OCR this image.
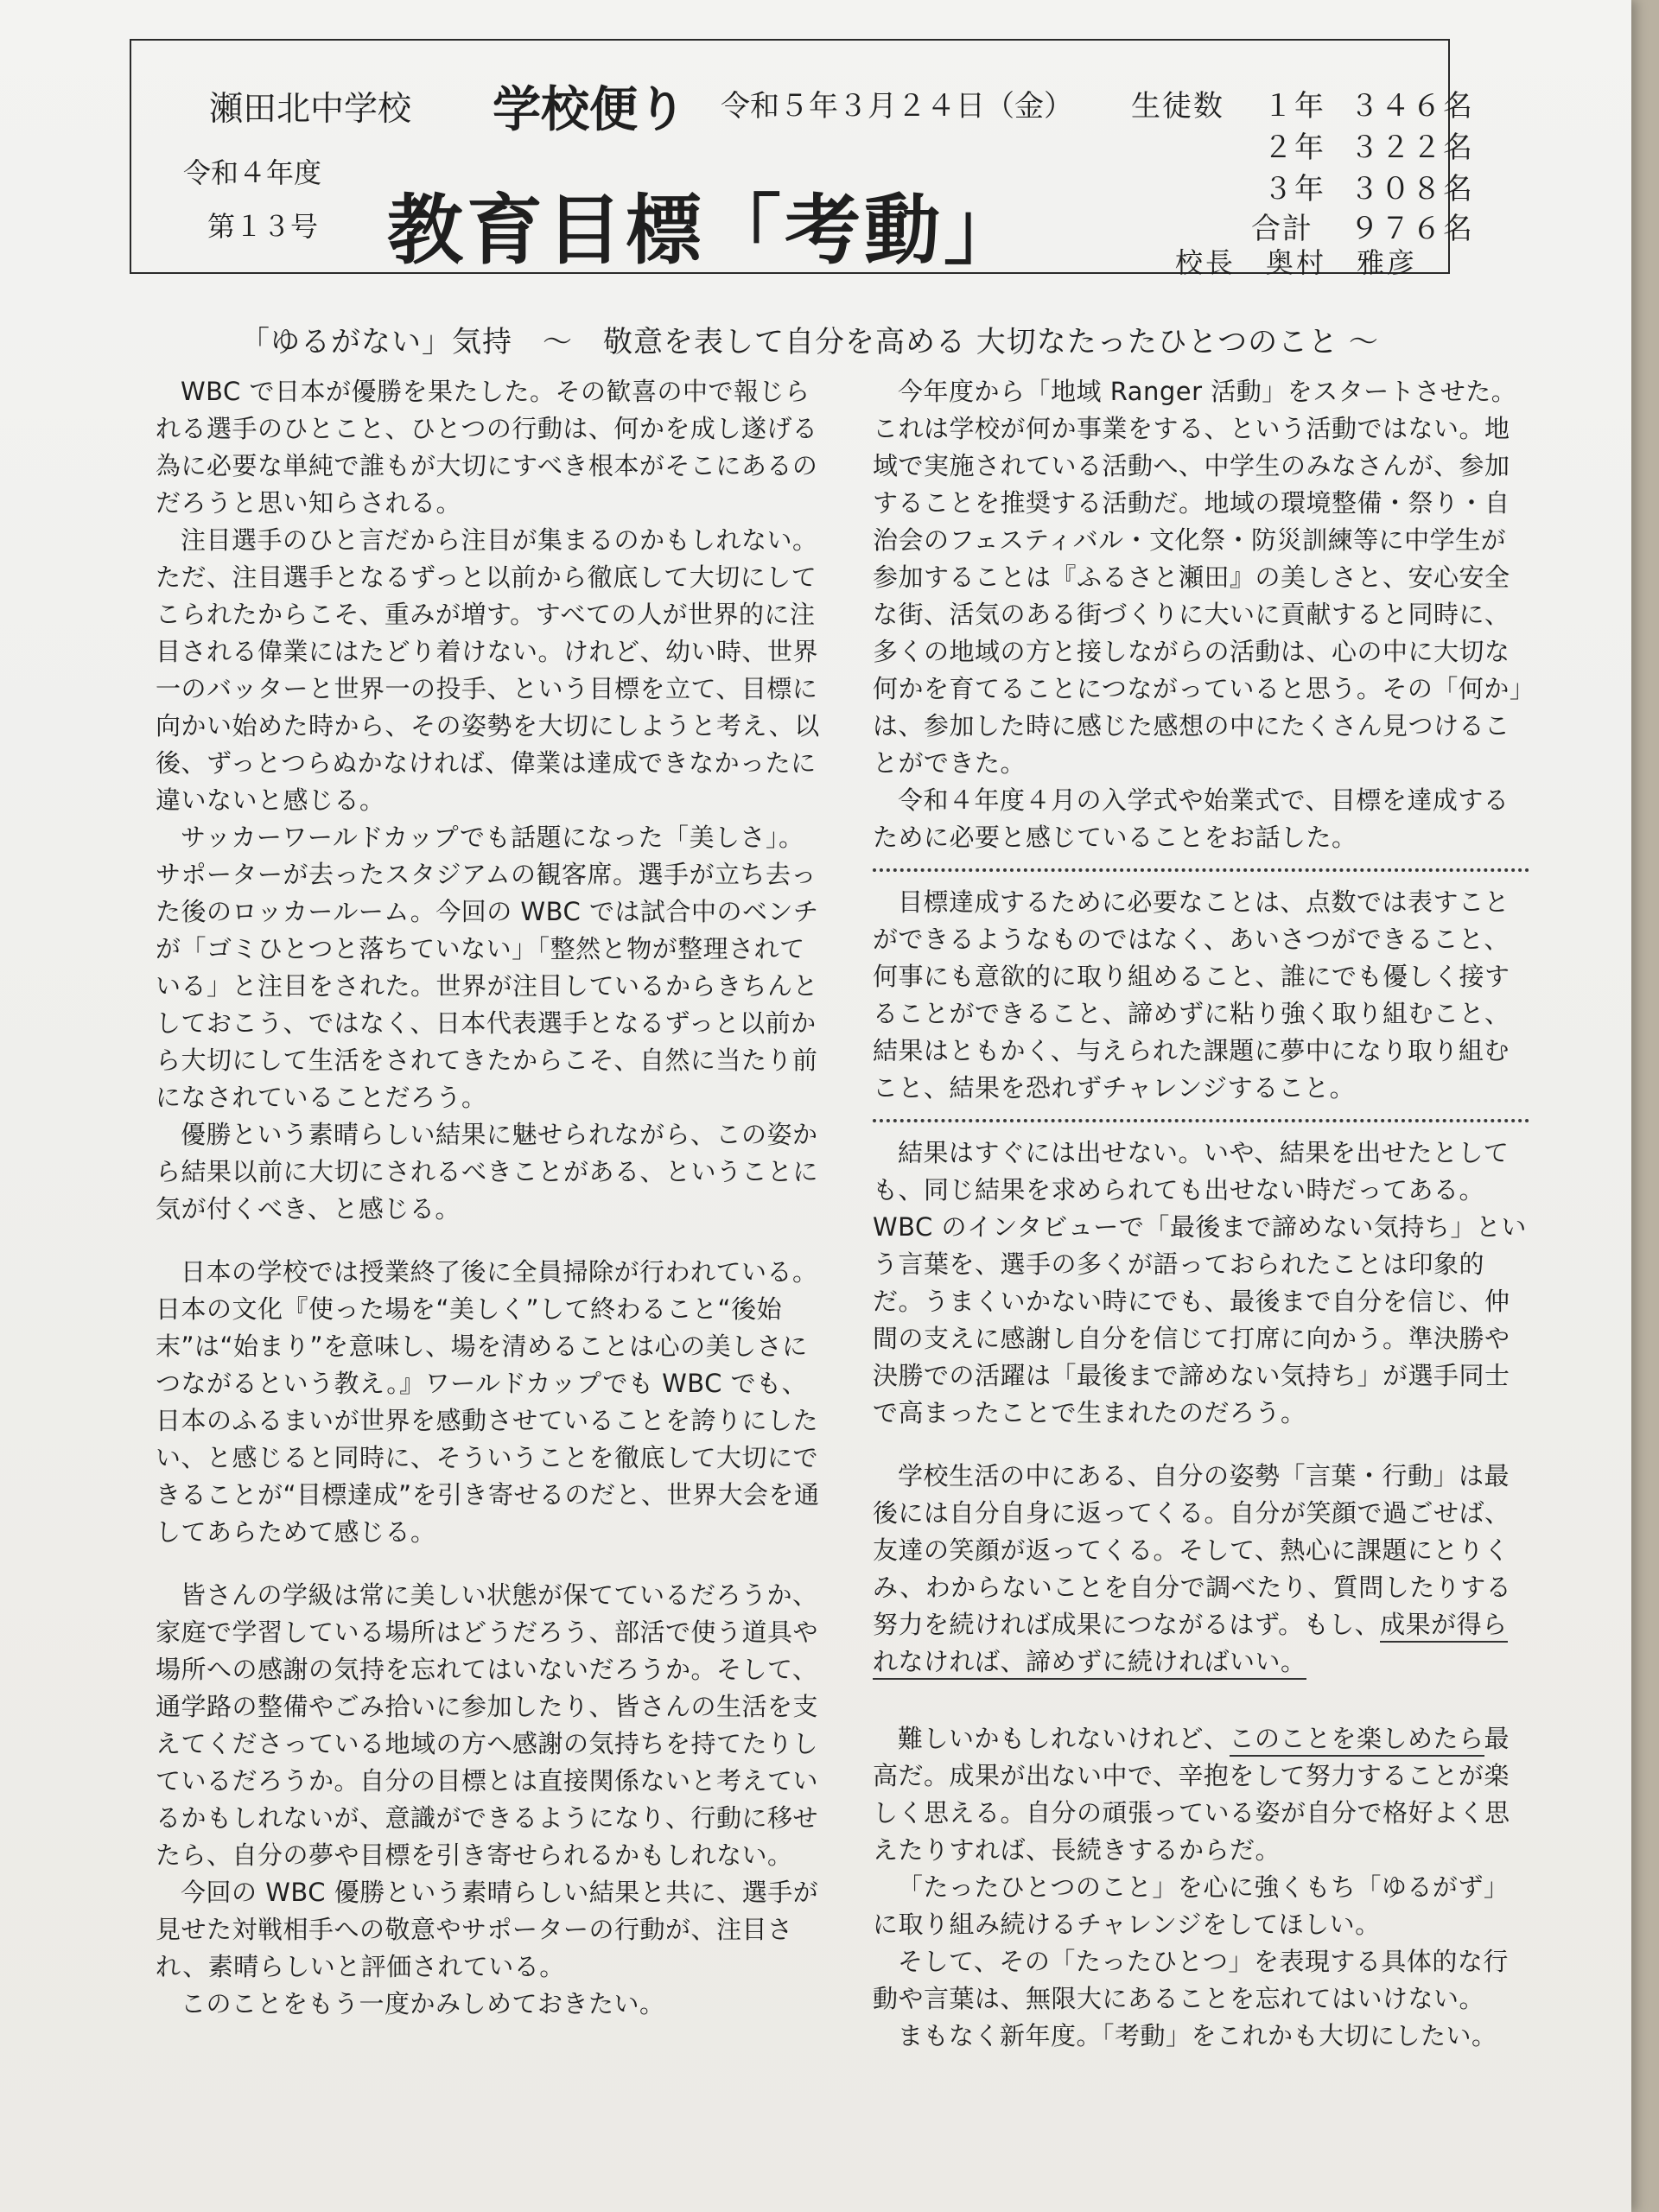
瀬田北中学校 学校便り 令和５年３月２４日（金）
令和４年度
第１３号 教育目標「考動」
生徒数 １年 ３４６名
２年 ３２２名
３年 ３０８名
合計 ９７６名
校長　奥村　雅彦
「ゆるがない」気持　～　敬意を表して自分を高める 大切なたったひとつのこと ～

WBC で日本が優勝を果たした。その歓喜の中で報じられる選手のひとこと、ひとつの行動は、何かを成し遂げる為に必要な単純で誰もが大切にすべき根本がそこにあるのだろうと思い知らされる。

注目選手のひと言だから注目が集まるのかもしれない。ただ、注目選手となるずっと以前から徹底して大切にしてこられたからこそ、重みが増す。すべての人が世界的に注目される偉業にはたどり着けない。けれど、幼い時、世界一のバッターと世界一の投手、という目標を立て、目標に向かい始めた時から、その姿勢を大切にしようと考え、以後、ずっとつらぬかなければ、偉業は達成できなかったに違いないと感じる。

サッカーワールドカップでも話題になった「美しさ」。サポーターが去ったスタジアムの観客席。選手が立ち去った後のロッカールーム。今回の WBC では試合中のベンチが「ゴミひとつと落ちていない」「整然と物が整理されている」と注目をされた。世界が注目しているからきちんとしておこう、ではなく、日本代表選手となるずっと以前から大切にして生活をされてきたからこそ、自然に当たり前になされていることだろう。

優勝という素晴らしい結果に魅せられながら、この姿から結果以前に大切にされるべきことがある、ということに気が付くべき、と感じる。

日本の学校では授業終了後に全員掃除が行われている。日本の文化『使った場を“美しく”して終わること“後始末”は“始まり”を意味し、場を清めることは心の美しさにつながるという教え。』ワールドカップでも WBC でも、日本のふるまいが世界を感動させていることを誇りにしたい、と感じると同時に、そういうことを徹底して大切にできることが“目標達成”を引き寄せるのだと、世界大会を通してあらためて感じる。

皆さんの学級は常に美しい状態が保てているだろうか、家庭で学習している場所はどうだろう、部活で使う道具や場所への感謝の気持を忘れてはいないだろうか。そして、通学路の整備やごみ拾いに参加したり、皆さんの生活を支えてくださっている地域の方へ感謝の気持ちを持てたりしているだろうか。自分の目標とは直接関係ないと考えているかもしれないが、意識ができるようになり、行動に移せたら、自分の夢や目標を引き寄せられるかもしれない。

今回の WBC 優勝という素晴らしい結果と共に、選手が見せた対戦相手への敬意やサポーターの行動が、注目され、素晴らしいと評価されている。

このことをもう一度かみしめておきたい。

今年度から「地域 Ranger 活動」をスタートさせた。これは学校が何か事業をする、という活動ではない。地域で実施されている活動へ、中学生のみなさんが、参加することを推奨する活動だ。地域の環境整備・祭り・自治会のフェスティバル・文化祭・防災訓練等に中学生が参加することは『ふるさと瀬田』の美しさと、安心安全な街、活気のある街づくりに大いに貢献すると同時に、多くの地域の方と接しながらの活動は、心の中に大切な何かを育てることにつながっていると思う。その「何か」は、参加した時に感じた感想の中にたくさん見つけることができた。

令和４年度４月の入学式や始業式で、目標を達成するために必要と感じていることをお話した。

目標達成するために必要なことは、点数では表すことができるようなものではなく、あいさつができること、何事にも意欲的に取り組めること、誰にでも優しく接することができること、諦めずに粘り強く取り組むこと、結果はともかく、与えられた課題に夢中になり取り組むこと、結果を恐れずチャレンジすること。

結果はすぐには出せない。いや、結果を出せたとしても、同じ結果を求められても出せない時だってある。WBC のインタビューで「最後まで諦めない気持ち」という言葉を、選手の多くが語っておられたことは印象的だ。うまくいかない時にでも、最後まで自分を信じ、仲間の支えに感謝し自分を信じて打席に向かう。準決勝や決勝での活躍は「最後まで諦めない気持ち」が選手同士で高まったことで生まれたのだろう。

学校生活の中にある、自分の姿勢「言葉・行動」は最後には自分自身に返ってくる。自分が笑顔で過ごせば、友達の笑顔が返ってくる。そして、熱心に課題にとりくみ、わからないことを自分で調べたり、質問したりする努力を続ければ成果につながるはず。もし、成果が得られなければ、諦めずに続ければいい。

難しいかもしれないけれど、このことを楽しめたら最高だ。成果が出ない中で、辛抱をして努力することが楽しく思える。自分の頑張っている姿が自分で格好よく思えたりすれば、長続きするからだ。

「たったひとつのこと」を心に強くもち「ゆるがず」に取り組み続けるチャレンジをしてほしい。

そして、その「たったひとつ」を表現する具体的な行動や言葉は、無限大にあることを忘れてはいけない。

まもなく新年度。「考動」をこれかも大切にしたい。
